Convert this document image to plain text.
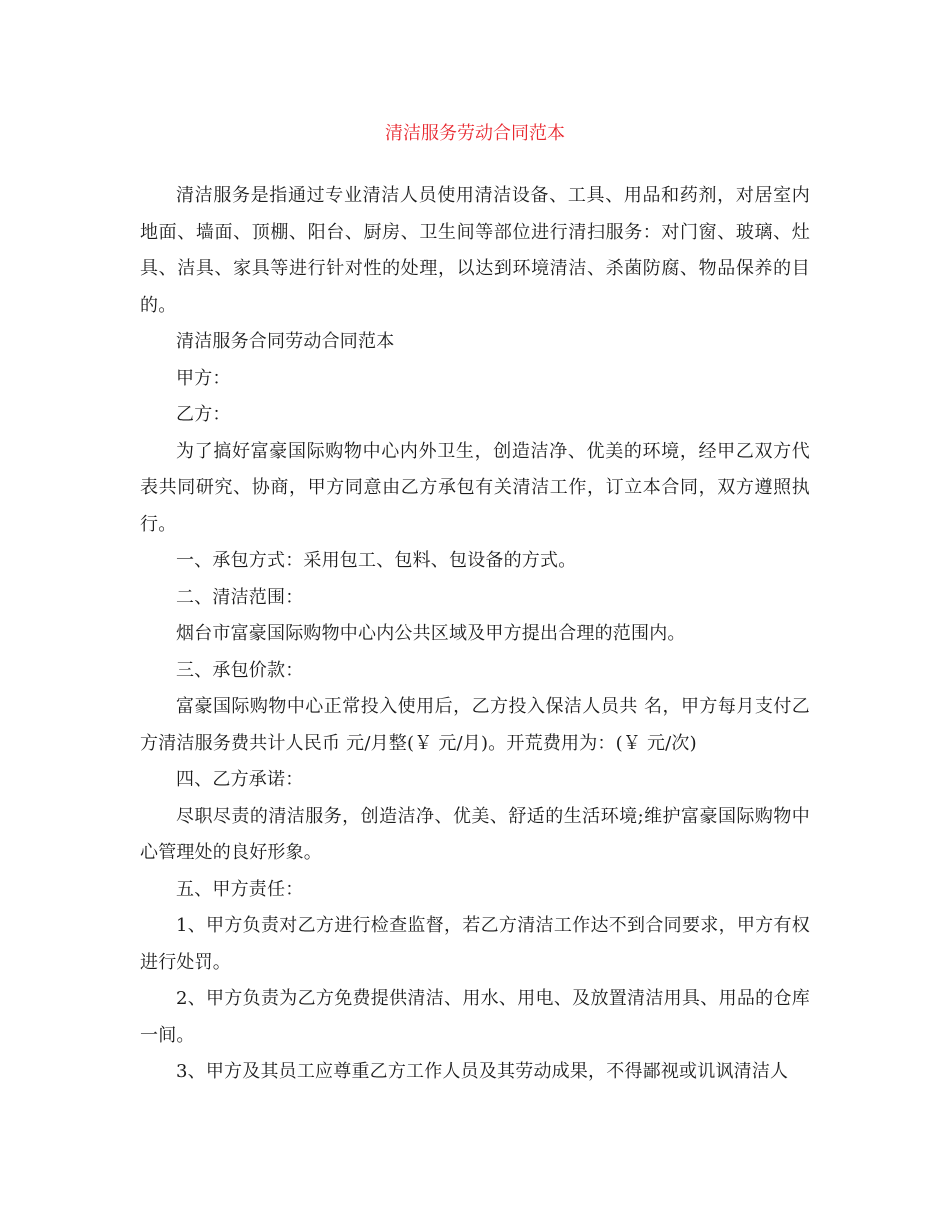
清洁服务劳动合同范本

清洁服务是指通过专业清洁人员使用清洁设备、工具、用品和药剂，对居室内地面、墙面、顶棚、阳台、厨房、卫生间等部位进行清扫服务：对门窗、玻璃、灶具、洁具、家具等进行针对性的处理，以达到环境清洁、杀菌防腐、物品保养的目的。

清洁服务合同劳动合同范本

甲方：

乙方：

为了搞好富豪国际购物中心内外卫生，创造洁净、优美的环境，经甲乙双方代表共同研究、协商，甲方同意由乙方承包有关清洁工作，订立本合同，双方遵照执行。

一、承包方式：采用包工、包料、包设备的方式。

二、清洁范围：

烟台市富豪国际购物中心内公共区域及甲方提出合理的范围内。

三、承包价款：

富豪国际购物中心正常投入使用后，乙方投入保洁人员共 名，甲方每月支付乙方清洁服务费共计人民币 元/月整(￥ 元/月)。开荒费用为：(￥ 元/次)

四、乙方承诺：

尽职尽责的清洁服务，创造洁净、优美、舒适的生活环境;维护富豪国际购物中心管理处的良好形象。

五、甲方责任：

1、甲方负责对乙方进行检查监督，若乙方清洁工作达不到合同要求，甲方有权进行处罚。

2、甲方负责为乙方免费提供清洁、用水、用电、及放置清洁用具、用品的仓库一间。

3、甲方及其员工应尊重乙方工作人员及其劳动成果，不得鄙视或讥讽清洁人
